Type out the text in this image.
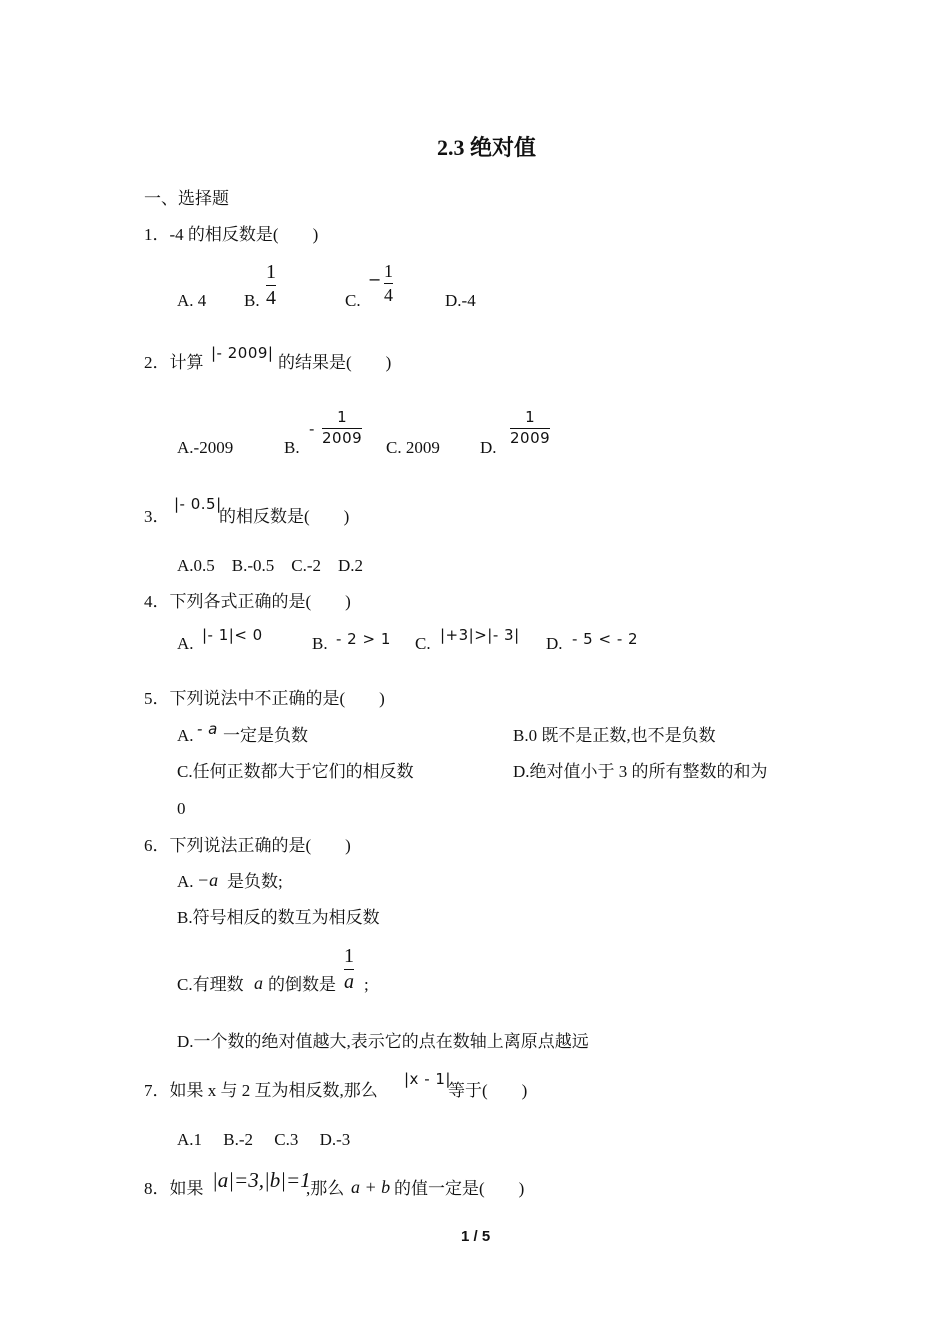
2.3 绝对值
一、选择题
1．-4 的相反数是(　　)
A. 4 B.
1
4	C.
− 1
4	D.-4
2．计算 |- 2009| 的结果是(　　)
A.-2009	B.
-
1
2009 C. 2009 D.
1
2009
3．
|- 0.5|
的相反数是(　　)
A.0.5　B.-0.5　C.-2　D.2
4．下列各式正确的是(　　)
A. |- 1|< 0	B. - 2 > 1 C. |+3|>|- 3| D. - 5 < - 2
5．下列说法中不正确的是(　　)
A. - a 一定是负数	B.0 既不是正数,也不是负数
C.任何正数都大于它们的相反数	D.绝对值小于 3 的所有整数的和为
0
6．下列说法正确的是(　　)
A. −a 是负数;
B.符号相反的数互为相反数
C.有理数 a 的倒数是
1
a ;
D.一个数的绝对值越大,表示它的点在数轴上离原点越远
7．如果 x 与 2 互为相反数,那么
|x - 1|
等于(　　)
A.1　 B.-2　 C.3　 D.-3
8．如果 |a|=3,|b|=1
,那么 a + b 的值一定是(　　)
1 / 5
